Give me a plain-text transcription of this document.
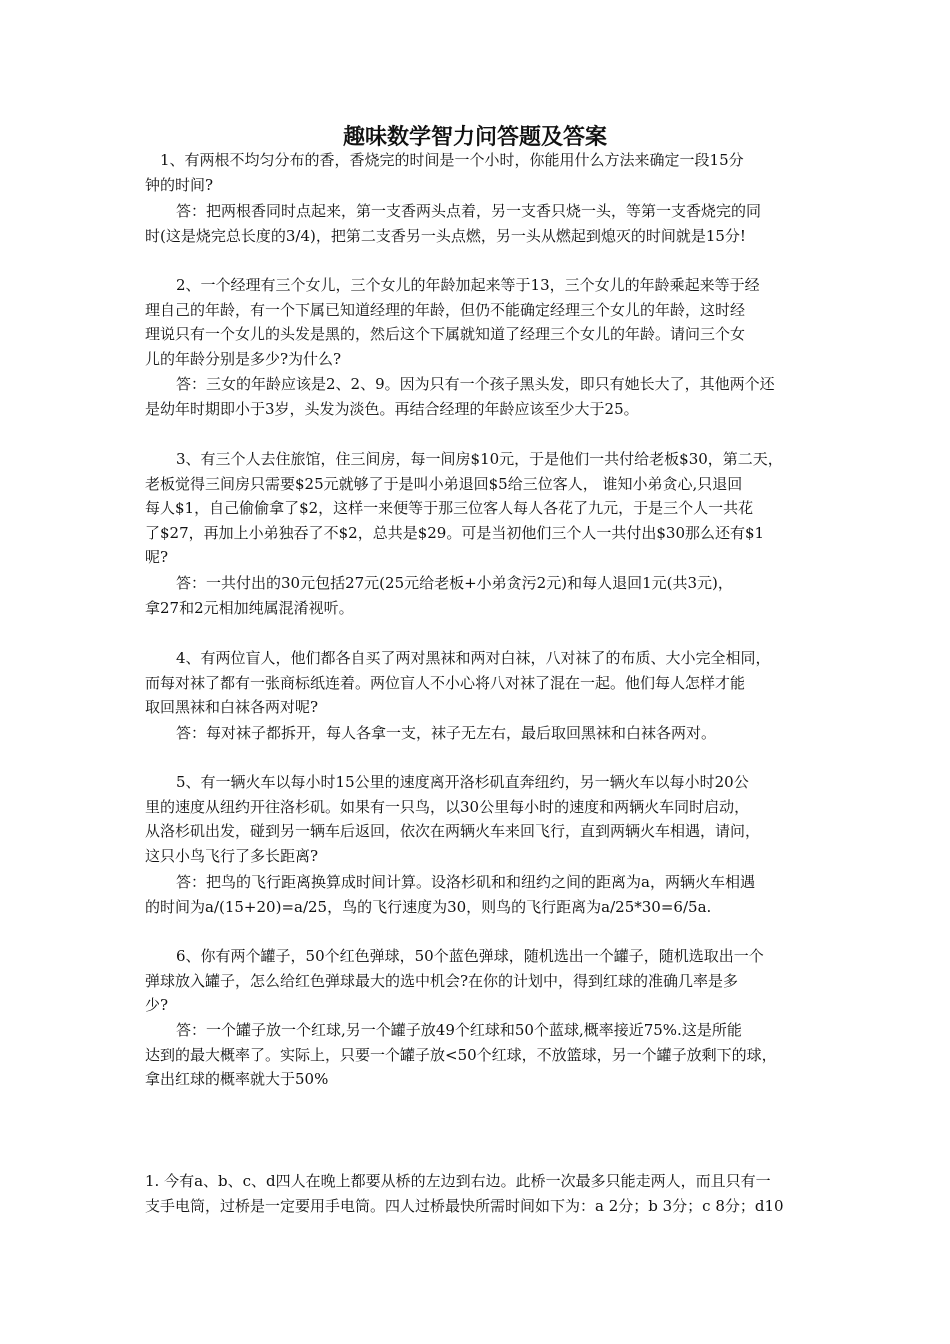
趣味数学智力问答题及答案

1、有两根不均匀分布的香，香烧完的时间是一个小时，你能用什么方法来确定一段15分
钟的时间?

答：把两根香同时点起来，第一支香两头点着，另一支香只烧一头，等第一支香烧完的同
时(这是烧完总长度的3/4)，把第二支香另一头点燃，另一头从燃起到熄灭的时间就是15分!

2、一个经理有三个女儿，三个女儿的年龄加起来等于13，三个女儿的年龄乘起来等于经
理自己的年龄，有一个下属已知道经理的年龄，但仍不能确定经理三个女儿的年龄，这时经
理说只有一个女儿的头发是黑的，然后这个下属就知道了经理三个女儿的年龄。请问三个女
儿的年龄分别是多少?为什么?

答：三女的年龄应该是2、2、9。因为只有一个孩子黑头发，即只有她长大了，其他两个还
是幼年时期即小于3岁，头发为淡色。再结合经理的年龄应该至少大于25。

3、有三个人去住旅馆，住三间房，每一间房$10元，于是他们一共付给老板$30，第二天，
老板觉得三间房只需要$25元就够了于是叫小弟退回$5给三位客人， 谁知小弟贪心,只退回
每人$1，自己偷偷拿了$2，这样一来便等于那三位客人每人各花了九元，于是三个人一共花
了$27，再加上小弟独吞了不$2，总共是$29。可是当初他们三个人一共付出$30那么还有$1
呢?

答：一共付出的30元包括27元(25元给老板+小弟贪污2元)和每人退回1元(共3元)，
拿27和2元相加纯属混淆视听。

4、有两位盲人，他们都各自买了两对黑袜和两对白袜，八对袜了的布质、大小完全相同，
而每对袜了都有一张商标纸连着。两位盲人不小心将八对袜了混在一起。他们每人怎样才能
取回黑袜和白袜各两对呢?

答：每对袜子都拆开，每人各拿一支，袜子无左右，最后取回黑袜和白袜各两对。

5、有一辆火车以每小时15公里的速度离开洛杉矶直奔纽约，另一辆火车以每小时20公
里的速度从纽约开往洛杉矶。如果有一只鸟，以30公里每小时的速度和两辆火车同时启动，
从洛杉矶出发，碰到另一辆车后返回，依次在两辆火车来回飞行，直到两辆火车相遇，请问，
这只小鸟飞行了多长距离?

答：把鸟的飞行距离换算成时间计算。设洛杉矶和和纽约之间的距离为a，两辆火车相遇
的时间为a/(15+20)=a/25，鸟的飞行速度为30，则鸟的飞行距离为a/25*30=6/5a.

6、你有两个罐子，50个红色弹球，50个蓝色弹球，随机选出一个罐子，随机选取出一个
弹球放入罐子，怎么给红色弹球最大的选中机会?在你的计划中，得到红球的准确几率是多
少?

答：一个罐子放一个红球,另一个罐子放49个红球和50个蓝球,概率接近75%.这是所能
达到的最大概率了。实际上，只要一个罐子放<50个红球，不放篮球，另一个罐子放剩下的球，
拿出红球的概率就大于50%

1. 今有a、b、c、d四人在晚上都要从桥的左边到右边。此桥一次最多只能走两人，而且只有一
支手电筒，过桥是一定要用手电筒。四人过桥最快所需时间如下为：a 2分；b 3分；c 8分；d10
